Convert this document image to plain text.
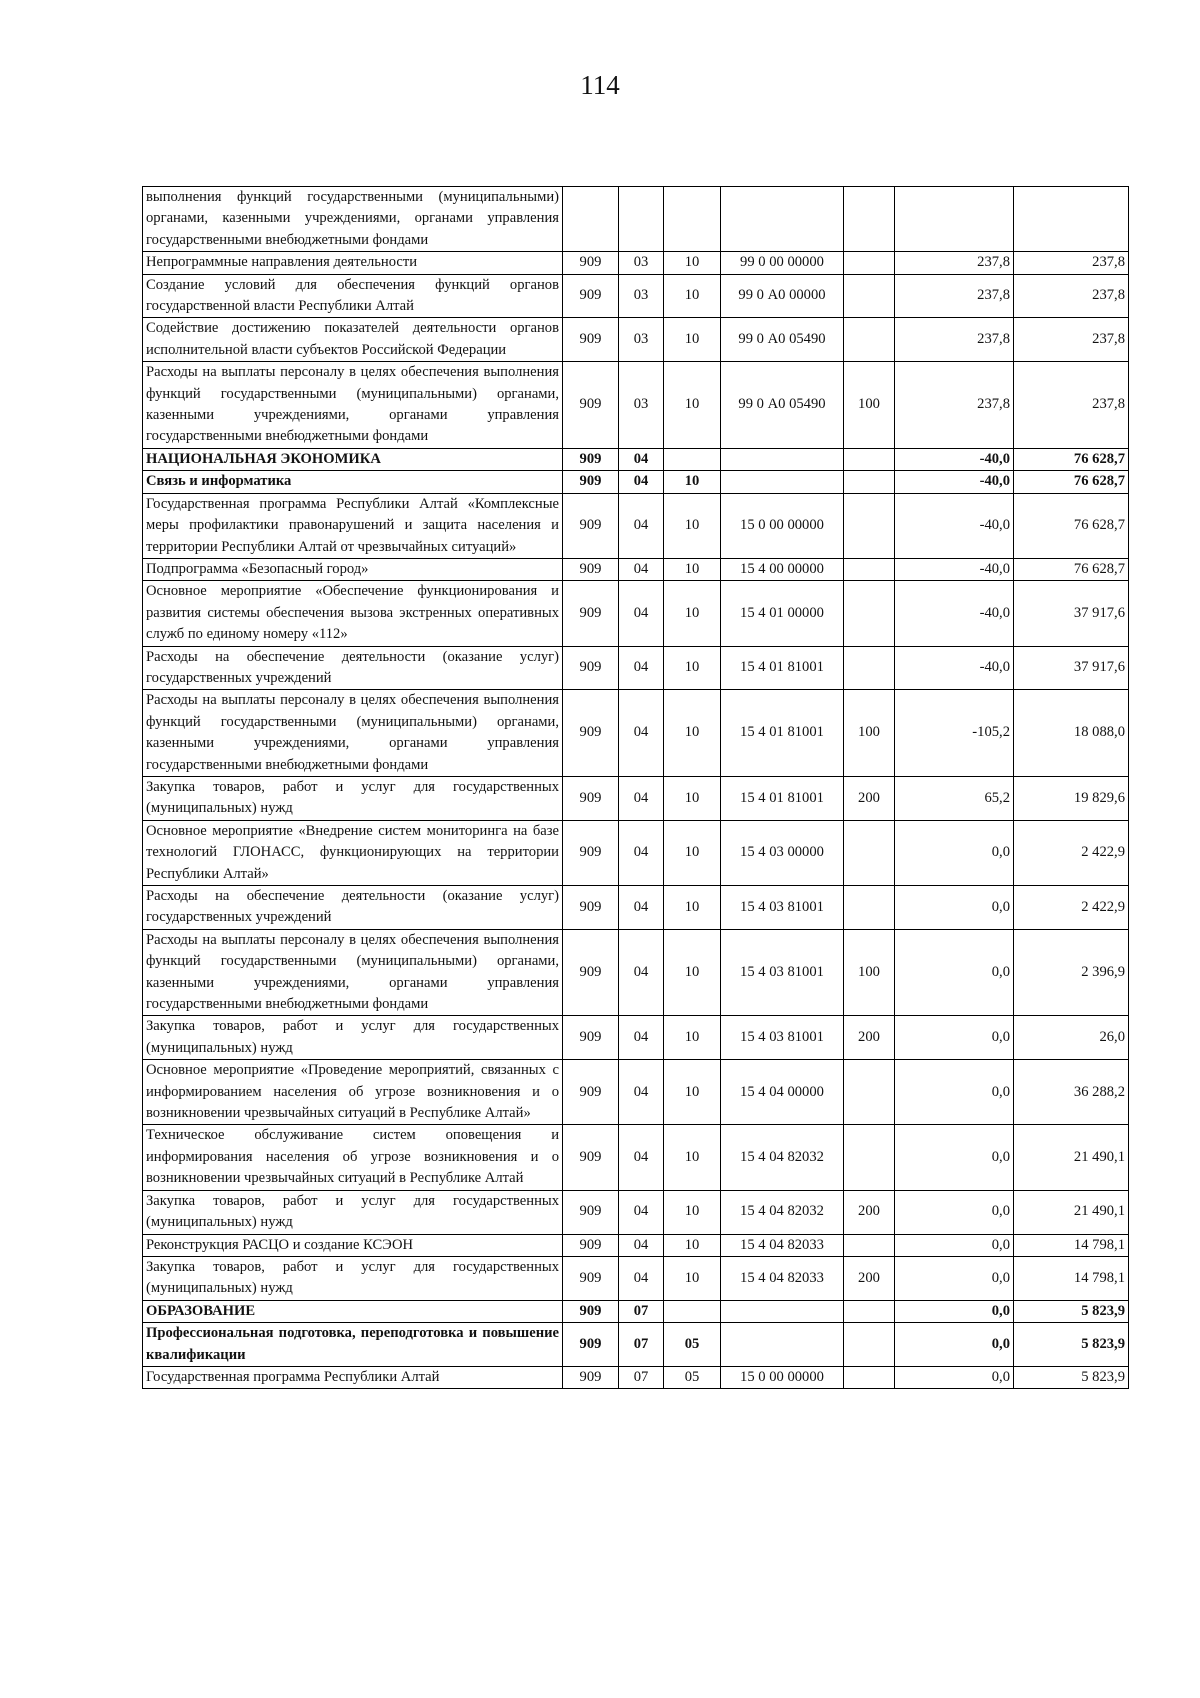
114
выполнения функций государственными (муниципальными) органами, казенными учреждениями, органами управления государственными внебюджетными фондами							
Непрограммные направления деятельности	909	03	10	99 0 00 00000		237,8	237,8
Создание условий для обеспечения функций органов государственной власти Республики Алтай	909	03	10	99 0 А0 00000		237,8	237,8
Содействие достижению показателей деятельности органов исполнительной власти субъектов Российской Федерации	909	03	10	99 0 А0 05490		237,8	237,8
Расходы на выплаты персоналу в целях обеспечения выполнения функций государственными (муниципальными) органами, казенными учреждениями, органами управления государственными внебюджетными фондами	909	03	10	99 0 А0 05490	100	237,8	237,8
НАЦИОНАЛЬНАЯ ЭКОНОМИКА	909	04				-40,0	76 628,7
Связь и информатика	909	04	10			-40,0	76 628,7
Государственная программа Республики Алтай «Комплексные меры профилактики правонарушений и защита населения и территории Республики Алтай от чрезвычайных ситуаций»	909	04	10	15 0 00 00000		-40,0	76 628,7
Подпрограмма «Безопасный город»	909	04	10	15 4 00 00000		-40,0	76 628,7
Основное мероприятие «Обеспечение функционирования и развития системы обеспечения вызова экстренных оперативных служб по единому номеру «112»	909	04	10	15 4 01 00000		-40,0	37 917,6
Расходы на обеспечение деятельности (оказание услуг) государственных учреждений	909	04	10	15 4 01 81001		-40,0	37 917,6
Расходы на выплаты персоналу в целях обеспечения выполнения функций государственными (муниципальными) органами, казенными учреждениями, органами управления государственными внебюджетными фондами	909	04	10	15 4 01 81001	100	-105,2	18 088,0
Закупка товаров, работ и услуг для государственных (муниципальных) нужд	909	04	10	15 4 01 81001	200	65,2	19 829,6
Основное мероприятие «Внедрение систем мониторинга на базе технологий ГЛОНАСС, функционирующих на территории Республики Алтай»	909	04	10	15 4 03 00000		0,0	2 422,9
Расходы на обеспечение деятельности (оказание услуг) государственных учреждений	909	04	10	15 4 03 81001		0,0	2 422,9
Расходы на выплаты персоналу в целях обеспечения выполнения функций государственными (муниципальными) органами, казенными учреждениями, органами управления государственными внебюджетными фондами	909	04	10	15 4 03 81001	100	0,0	2 396,9
Закупка товаров, работ и услуг для государственных (муниципальных) нужд	909	04	10	15 4 03 81001	200	0,0	26,0
Основное мероприятие «Проведение мероприятий, связанных с информированием населения об угрозе возникновения и о возникновении чрезвычайных ситуаций в Республике Алтай»	909	04	10	15 4 04 00000		0,0	36 288,2
Техническое обслуживание систем оповещения и информирования населения об угрозе возникновения и о возникновении чрезвычайных ситуаций в Республике Алтай	909	04	10	15 4 04 82032		0,0	21 490,1
Закупка товаров, работ и услуг для государственных (муниципальных) нужд	909	04	10	15 4 04 82032	200	0,0	21 490,1
Реконструкция РАСЦО и создание КСЭОН	909	04	10	15 4 04 82033		0,0	14 798,1
Закупка товаров, работ и услуг для государственных (муниципальных) нужд	909	04	10	15 4 04 82033	200	0,0	14 798,1
ОБРАЗОВАНИЕ	909	07				0,0	5 823,9
Профессиональная подготовка, переподготовка и повышение квалификации	909	07	05			0,0	5 823,9
Государственная программа Республики Алтай	909	07	05	15 0 00 00000		0,0	5 823,9
